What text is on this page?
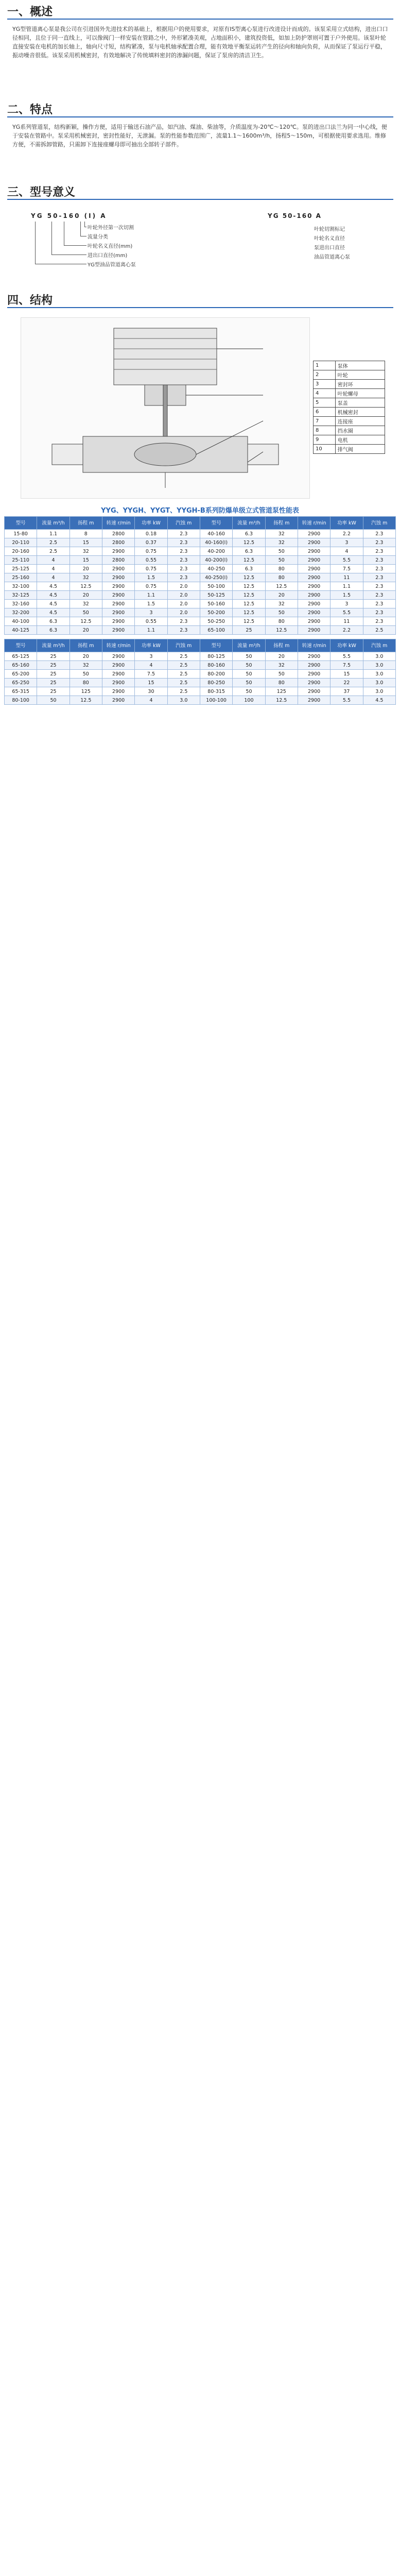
一、概述

YG型管道离心泵是我公司在引进国外先进技术的基础上，根据用户的使用要求，对原有IS型离心泵进行改进设计而成的。该泵采用立式结构，进出口口径相同，且位于同一直线上，可以像阀门一样安装在管路之中，外形紧凑美观，占地面积小，建筑投资低，如加上防护罩则可置于户外使用。该泵叶轮直接安装在电机的加长轴上，轴向尺寸短，结构紧凑，泵与电机轴承配置合理，能有效地平衡泵运转产生的径向和轴向负荷，从而保证了泵运行平稳，振动噪音很低。该泵采用机械密封，有效地解决了传统填料密封的渗漏问题，保证了泵房的清洁卫生。

二、特点

YG系列管道泵，结构新颖，操作方便，适用于输送石油产品，如汽油、煤油、柴油等，介质温度为-20℃～120℃。泵的进出口法兰为同一中心线，便于安装在管路中。泵采用机械密封，密封性能好，无泄漏。泵的性能参数范围广，流量1.1～1600m³/h，扬程5～150m，可根据使用要求选用。维修方便，不需拆卸管路，只需卸下连接座螺母即可抽出全部转子部件。

三、型号意义
YG 50-160 (I) A
叶轮外径第一次切割
流量分类
叶轮名义直径(mm)
进出口直径(mm)
YG型油品管道离心泵
YG 50-160 A
叶轮切割标记
叶轮名义直径
泵进出口直径
油品管道离心泵
四、结构
1	泵体
2	叶轮
3	密封环
4	叶轮螺母
5	泵盖
6	机械密封
7	连接座
8	挡水圈
9	电机
10	排气阀
YYG、YYGH、YYGT、YYGH-B系列防爆单级立式管道泵性能表
型号	流量 m³/h	扬程 m	转速 r/min	功率 kW	汽蚀 m	型号	流量 m³/h	扬程 m	转速 r/min	功率 kW	汽蚀 m
15-80	1.1	8	2800	0.18	2.3	40-160	6.3	32	2900	2.2	2.3
20-110	2.5	15	2800	0.37	2.3	40-160(I)	12.5	32	2900	3	2.3
20-160	2.5	32	2900	0.75	2.3	40-200	6.3	50	2900	4	2.3
25-110	4	15	2800	0.55	2.3	40-200(I)	12.5	50	2900	5.5	2.3
25-125	4	20	2900	0.75	2.3	40-250	6.3	80	2900	7.5	2.3
25-160	4	32	2900	1.5	2.3	40-250(I)	12.5	80	2900	11	2.3
32-100	4.5	12.5	2900	0.75	2.0	50-100	12.5	12.5	2900	1.1	2.3
32-125	4.5	20	2900	1.1	2.0	50-125	12.5	20	2900	1.5	2.3
32-160	4.5	32	2900	1.5	2.0	50-160	12.5	32	2900	3	2.3
32-200	4.5	50	2900	3	2.0	50-200	12.5	50	2900	5.5	2.3
40-100	6.3	12.5	2900	0.55	2.3	50-250	12.5	80	2900	11	2.3
40-125	6.3	20	2900	1.1	2.3	65-100	25	12.5	2900	2.2	2.5
型号	流量 m³/h	扬程 m	转速 r/min	功率 kW	汽蚀 m	型号	流量 m³/h	扬程 m	转速 r/min	功率 kW	汽蚀 m
65-125	25	20	2900	3	2.5	80-125	50	20	2900	5.5	3.0
65-160	25	32	2900	4	2.5	80-160	50	32	2900	7.5	3.0
65-200	25	50	2900	7.5	2.5	80-200	50	50	2900	15	3.0
65-250	25	80	2900	15	2.5	80-250	50	80	2900	22	3.0
65-315	25	125	2900	30	2.5	80-315	50	125	2900	37	3.0
80-100	50	12.5	2900	4	3.0	100-100	100	12.5	2900	5.5	4.5
